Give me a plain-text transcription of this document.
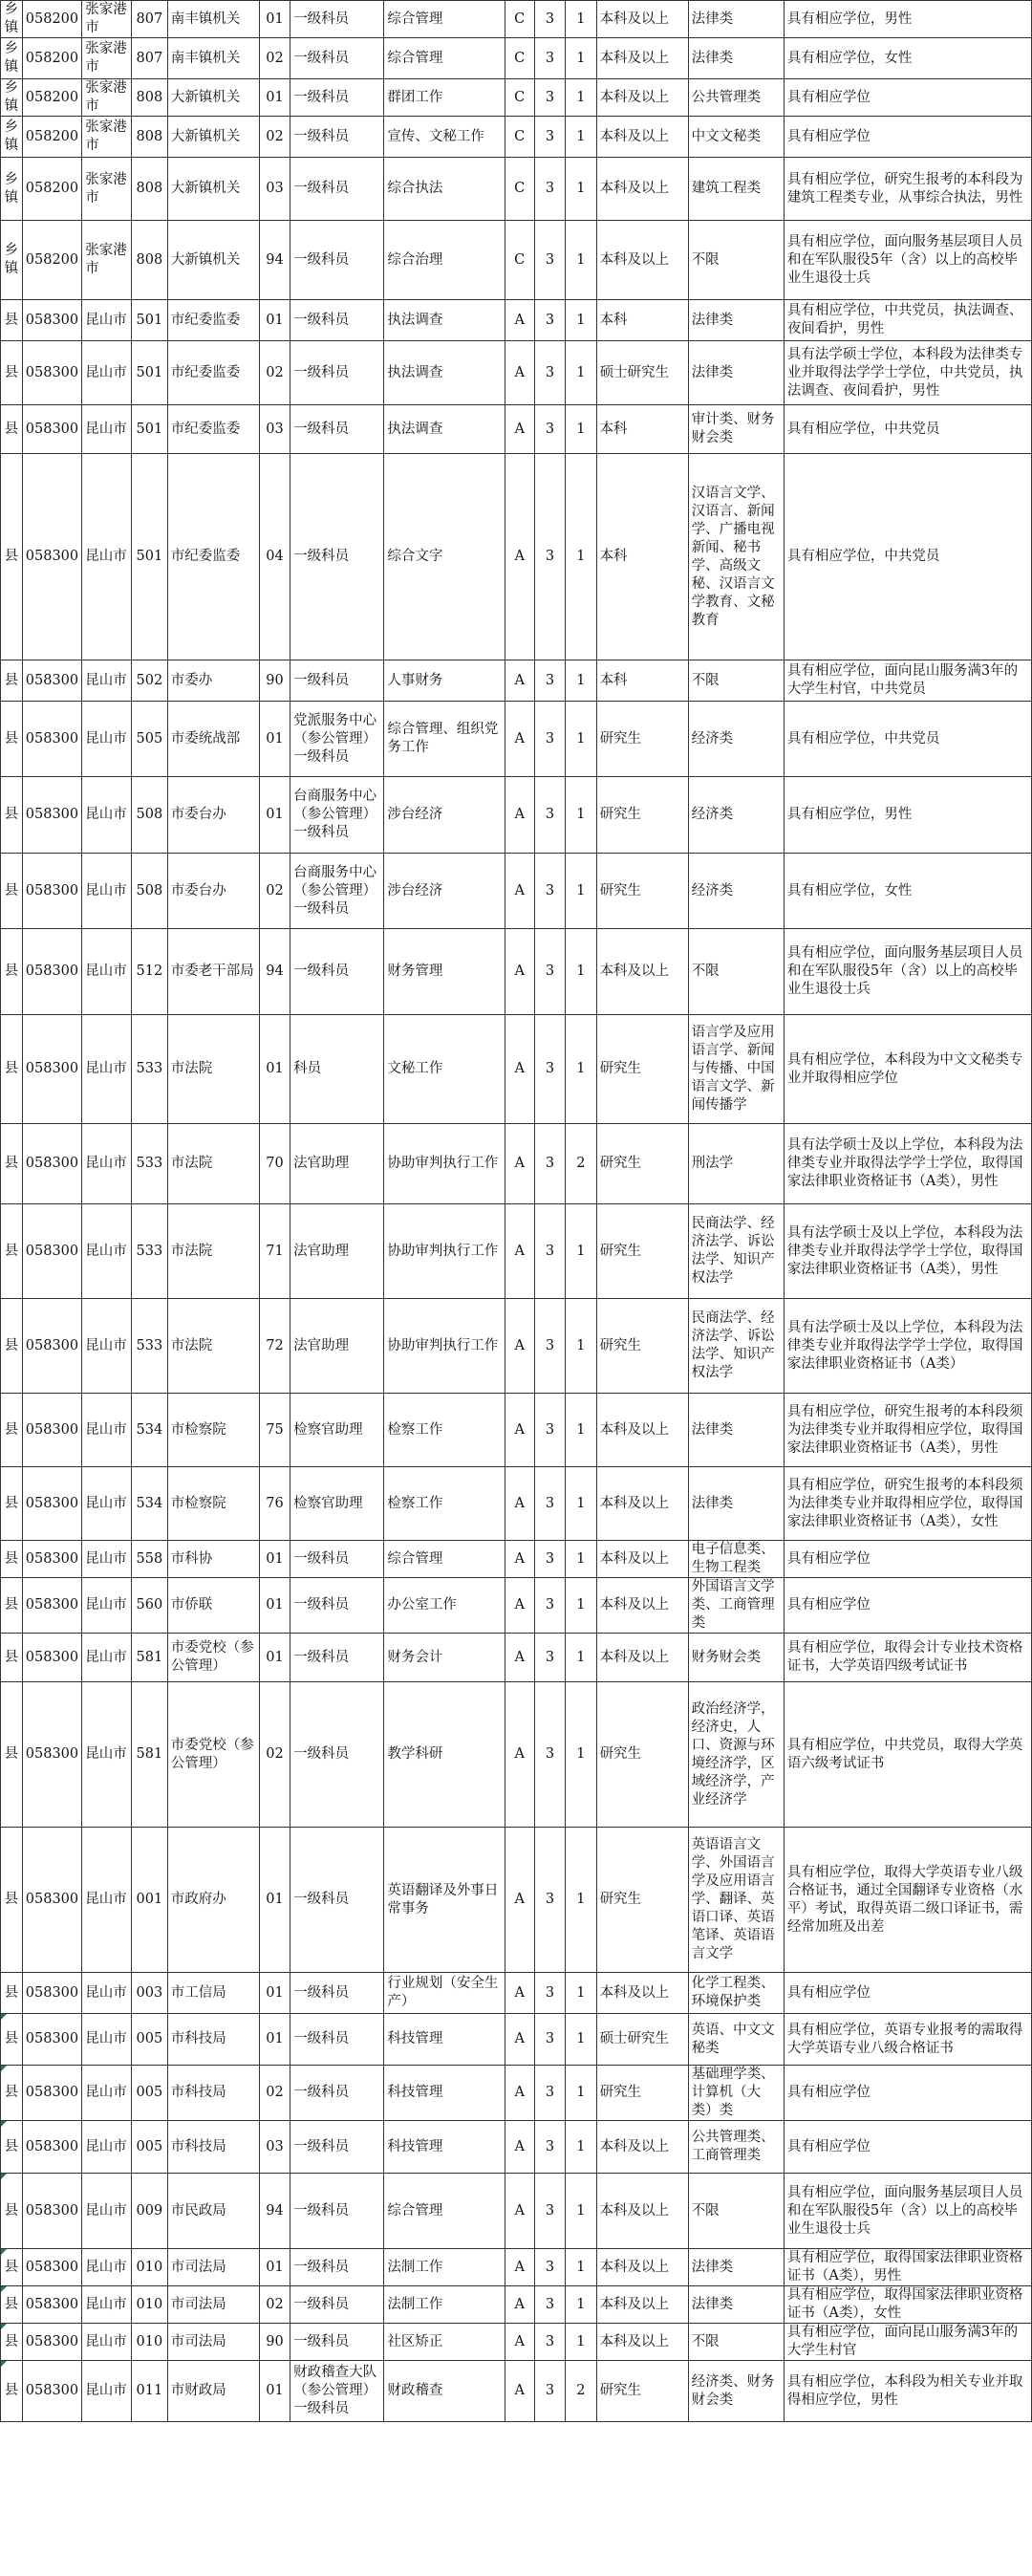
乡镇	058200	张家港市	807	南丰镇机关	01	一级科员	综合管理	C	3	1	本科及以上	法律类	具有相应学位，男性
乡镇	058200	张家港市	807	南丰镇机关	02	一级科员	综合管理	C	3	1	本科及以上	法律类	具有相应学位，女性
乡镇	058200	张家港市	808	大新镇机关	01	一级科员	群团工作	C	3	1	本科及以上	公共管理类	具有相应学位
乡镇	058200	张家港市	808	大新镇机关	02	一级科员	宣传、文秘工作	C	3	1	本科及以上	中文文秘类	具有相应学位
乡镇	058200	张家港市	808	大新镇机关	03	一级科员	综合执法	C	3	1	本科及以上	建筑工程类	具有相应学位，研究生报考的本科段为建筑工程类专业，从事综合执法，男性
乡镇	058200	张家港市	808	大新镇机关	94	一级科员	综合治理	C	3	1	本科及以上	不限	具有相应学位，面向服务基层项目人员和在军队服役5年（含）以上的高校毕业生退役士兵
县	058300	昆山市	501	市纪委监委	01	一级科员	执法调查	A	3	1	本科	法律类	具有相应学位，中共党员，执法调查、夜间看护，男性
县	058300	昆山市	501	市纪委监委	02	一级科员	执法调查	A	3	1	硕士研究生	法律类	具有法学硕士学位，本科段为法律类专业并取得法学学士学位，中共党员，执法调查、夜间看护，男性
县	058300	昆山市	501	市纪委监委	03	一级科员	执法调查	A	3	1	本科	审计类、财务财会类	具有相应学位，中共党员
县	058300	昆山市	501	市纪委监委	04	一级科员	综合文字	A	3	1	本科	汉语言文学、汉语言、新闻学、广播电视新闻、秘书学、高级文秘、汉语言文学教育、文秘教育	具有相应学位，中共党员
县	058300	昆山市	502	市委办	90	一级科员	人事财务	A	3	1	本科	不限	具有相应学位，面向昆山服务满3年的大学生村官，中共党员
县	058300	昆山市	505	市委统战部	01	党派服务中心（参公管理）一级科员	综合管理、组织党务工作	A	3	1	研究生	经济类	具有相应学位，中共党员
县	058300	昆山市	508	市委台办	01	台商服务中心（参公管理）一级科员	涉台经济	A	3	1	研究生	经济类	具有相应学位，男性
县	058300	昆山市	508	市委台办	02	台商服务中心（参公管理）一级科员	涉台经济	A	3	1	研究生	经济类	具有相应学位，女性
县	058300	昆山市	512	市委老干部局	94	一级科员	财务管理	A	3	1	本科及以上	不限	具有相应学位，面向服务基层项目人员和在军队服役5年（含）以上的高校毕业生退役士兵
县	058300	昆山市	533	市法院	01	科员	文秘工作	A	3	1	研究生	语言学及应用语言学、新闻与传播、中国语言文学、新闻传播学	具有相应学位，本科段为中文文秘类专业并取得相应学位
县	058300	昆山市	533	市法院	70	法官助理	协助审判执行工作	A	3	2	研究生	刑法学	具有法学硕士及以上学位，本科段为法律类专业并取得法学学士学位，取得国家法律职业资格证书（A类），男性
县	058300	昆山市	533	市法院	71	法官助理	协助审判执行工作	A	3	1	研究生	民商法学、经济法学、诉讼法学、知识产权法学	具有法学硕士及以上学位，本科段为法律类专业并取得法学学士学位，取得国家法律职业资格证书（A类），男性
县	058300	昆山市	533	市法院	72	法官助理	协助审判执行工作	A	3	1	研究生	民商法学、经济法学、诉讼法学、知识产权法学	具有法学硕士及以上学位，本科段为法律类专业并取得法学学士学位，取得国家法律职业资格证书（A类）
县	058300	昆山市	534	市检察院	75	检察官助理	检察工作	A	3	1	本科及以上	法律类	具有相应学位，研究生报考的本科段须为法律类专业并取得相应学位，取得国家法律职业资格证书（A类），男性
县	058300	昆山市	534	市检察院	76	检察官助理	检察工作	A	3	1	本科及以上	法律类	具有相应学位，研究生报考的本科段须为法律类专业并取得相应学位，取得国家法律职业资格证书（A类），女性
县	058300	昆山市	558	市科协	01	一级科员	综合管理	A	3	1	本科及以上	电子信息类、生物工程类	具有相应学位
县	058300	昆山市	560	市侨联	01	一级科员	办公室工作	A	3	1	本科及以上	外国语言文学类、工商管理类	具有相应学位
县	058300	昆山市	581	市委党校（参公管理）	01	一级科员	财务会计	A	3	1	本科及以上	财务财会类	具有相应学位，取得会计专业技术资格证书，大学英语四级考试证书
县	058300	昆山市	581	市委党校（参公管理）	02	一级科员	教学科研	A	3	1	研究生	政治经济学，经济史，人口、资源与环境经济学，区域经济学，产业经济学	具有相应学位，中共党员，取得大学英语六级考试证书
县	058300	昆山市	001	市政府办	01	一级科员	英语翻译及外事日常事务	A	3	1	研究生	英语语言文学、外国语言学及应用语言学、翻译、英语口译、英语笔译、英语语言文学	具有相应学位，取得大学英语专业八级合格证书，通过全国翻译专业资格（水平）考试，取得英语二级口译证书，需经常加班及出差
县	058300	昆山市	003	市工信局	01	一级科员	行业规划（安全生产）	A	3	1	本科及以上	化学工程类、环境保护类	具有相应学位
县	058300	昆山市	005	市科技局	01	一级科员	科技管理	A	3	1	硕士研究生	英语、中文文秘类	具有相应学位，英语专业报考的需取得大学英语专业八级合格证书
县	058300	昆山市	005	市科技局	02	一级科员	科技管理	A	3	1	研究生	基础理学类、计算机（大类）类	具有相应学位
县	058300	昆山市	005	市科技局	03	一级科员	科技管理	A	3	1	本科及以上	公共管理类、工商管理类	具有相应学位
县	058300	昆山市	009	市民政局	94	一级科员	综合管理	A	3	1	本科及以上	不限	具有相应学位，面向服务基层项目人员和在军队服役5年（含）以上的高校毕业生退役士兵
县	058300	昆山市	010	市司法局	01	一级科员	法制工作	A	3	1	本科及以上	法律类	具有相应学位，取得国家法律职业资格证书（A类），男性
县	058300	昆山市	010	市司法局	02	一级科员	法制工作	A	3	1	本科及以上	法律类	具有相应学位，取得国家法律职业资格证书（A类），女性
县	058300	昆山市	010	市司法局	90	一级科员	社区矫正	A	3	1	本科及以上	不限	具有相应学位，面向昆山服务满3年的大学生村官
县	058300	昆山市	011	市财政局	01	财政稽查大队（参公管理）一级科员	财政稽查	A	3	2	研究生	经济类、财务财会类	具有相应学位，本科段为相关专业并取得相应学位，男性
